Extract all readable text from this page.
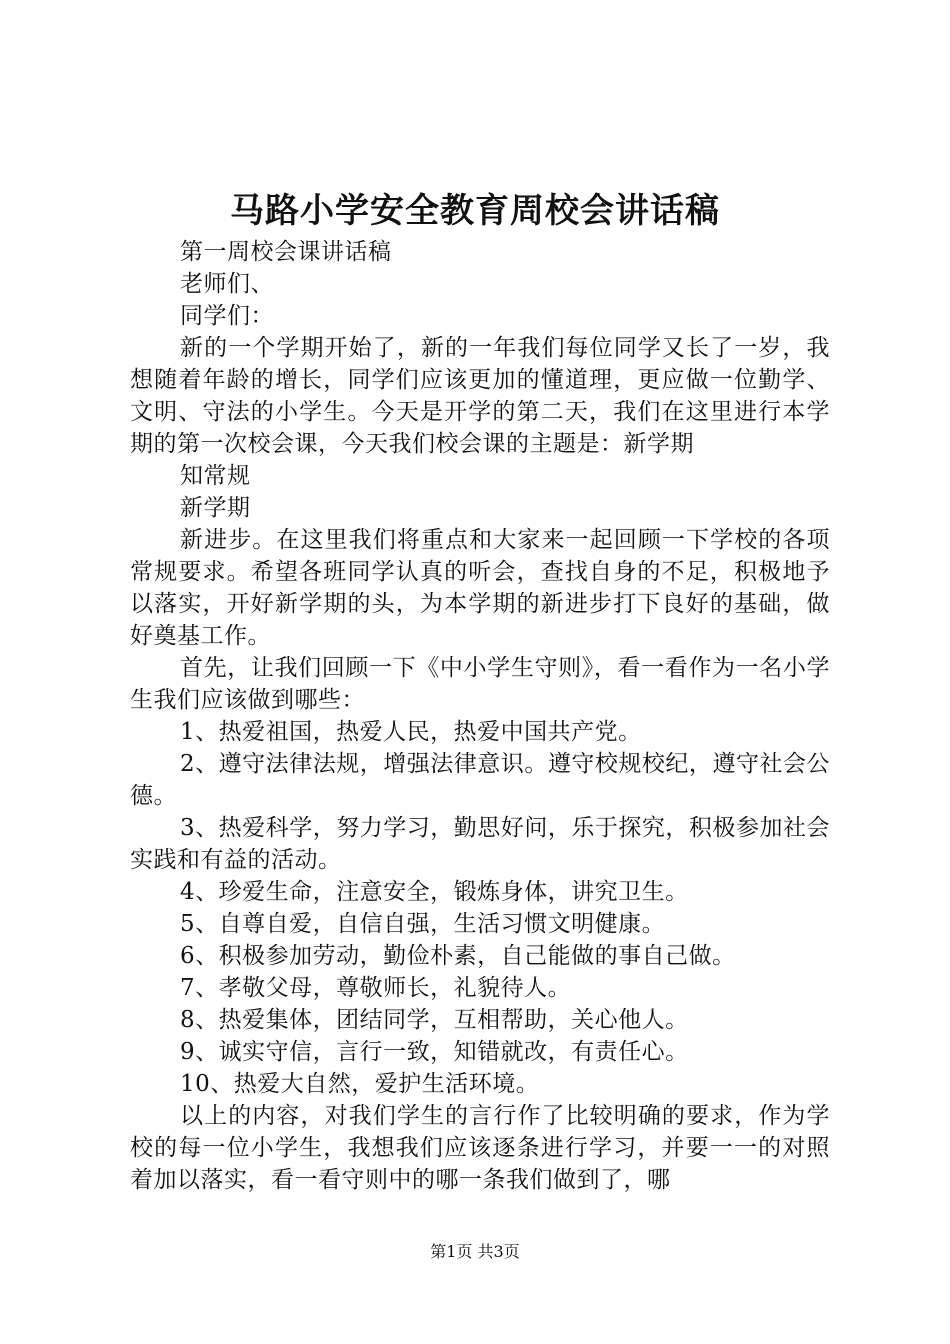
马路小学安全教育周校会讲话稿

第一周校会课讲话稿

老师们、

同学们：

新的一个学期开始了，新的一年我们每位同学又长了一岁，我想随着年龄的增长，同学们应该更加的懂道理，更应做一位勤学、文明、守法的小学生。今天是开学的第二天，我们在这里进行本学期的第一次校会课，今天我们校会课的主题是：新学期

知常规

新学期

新进步。在这里我们将重点和大家来一起回顾一下学校的各项常规要求。希望各班同学认真的听会，查找自身的不足，积极地予以落实，开好新学期的头，为本学期的新进步打下良好的基础，做好奠基工作。

首先，让我们回顾一下《中小学生守则》，看一看作为一名小学生我们应该做到哪些：

1、热爱祖国，热爱人民，热爱中国共产党。

2、遵守法律法规，增强法律意识。遵守校规校纪，遵守社会公德。

3、热爱科学，努力学习，勤思好问，乐于探究，积极参加社会实践和有益的活动。

4、珍爱生命，注意安全，锻炼身体，讲究卫生。

5、自尊自爱，自信自强，生活习惯文明健康。

6、积极参加劳动，勤俭朴素，自己能做的事自己做。

7、孝敬父母，尊敬师长，礼貌待人。

8、热爱集体，团结同学，互相帮助，关心他人。

9、诚实守信，言行一致，知错就改，有责任心。

10、热爱大自然，爱护生活环境。

以上的内容，对我们学生的言行作了比较明确的要求，作为学校的每一位小学生，我想我们应该逐条进行学习，并要一一的对照着加以落实，看一看守则中的哪一条我们做到了，哪

第1页 共3页
